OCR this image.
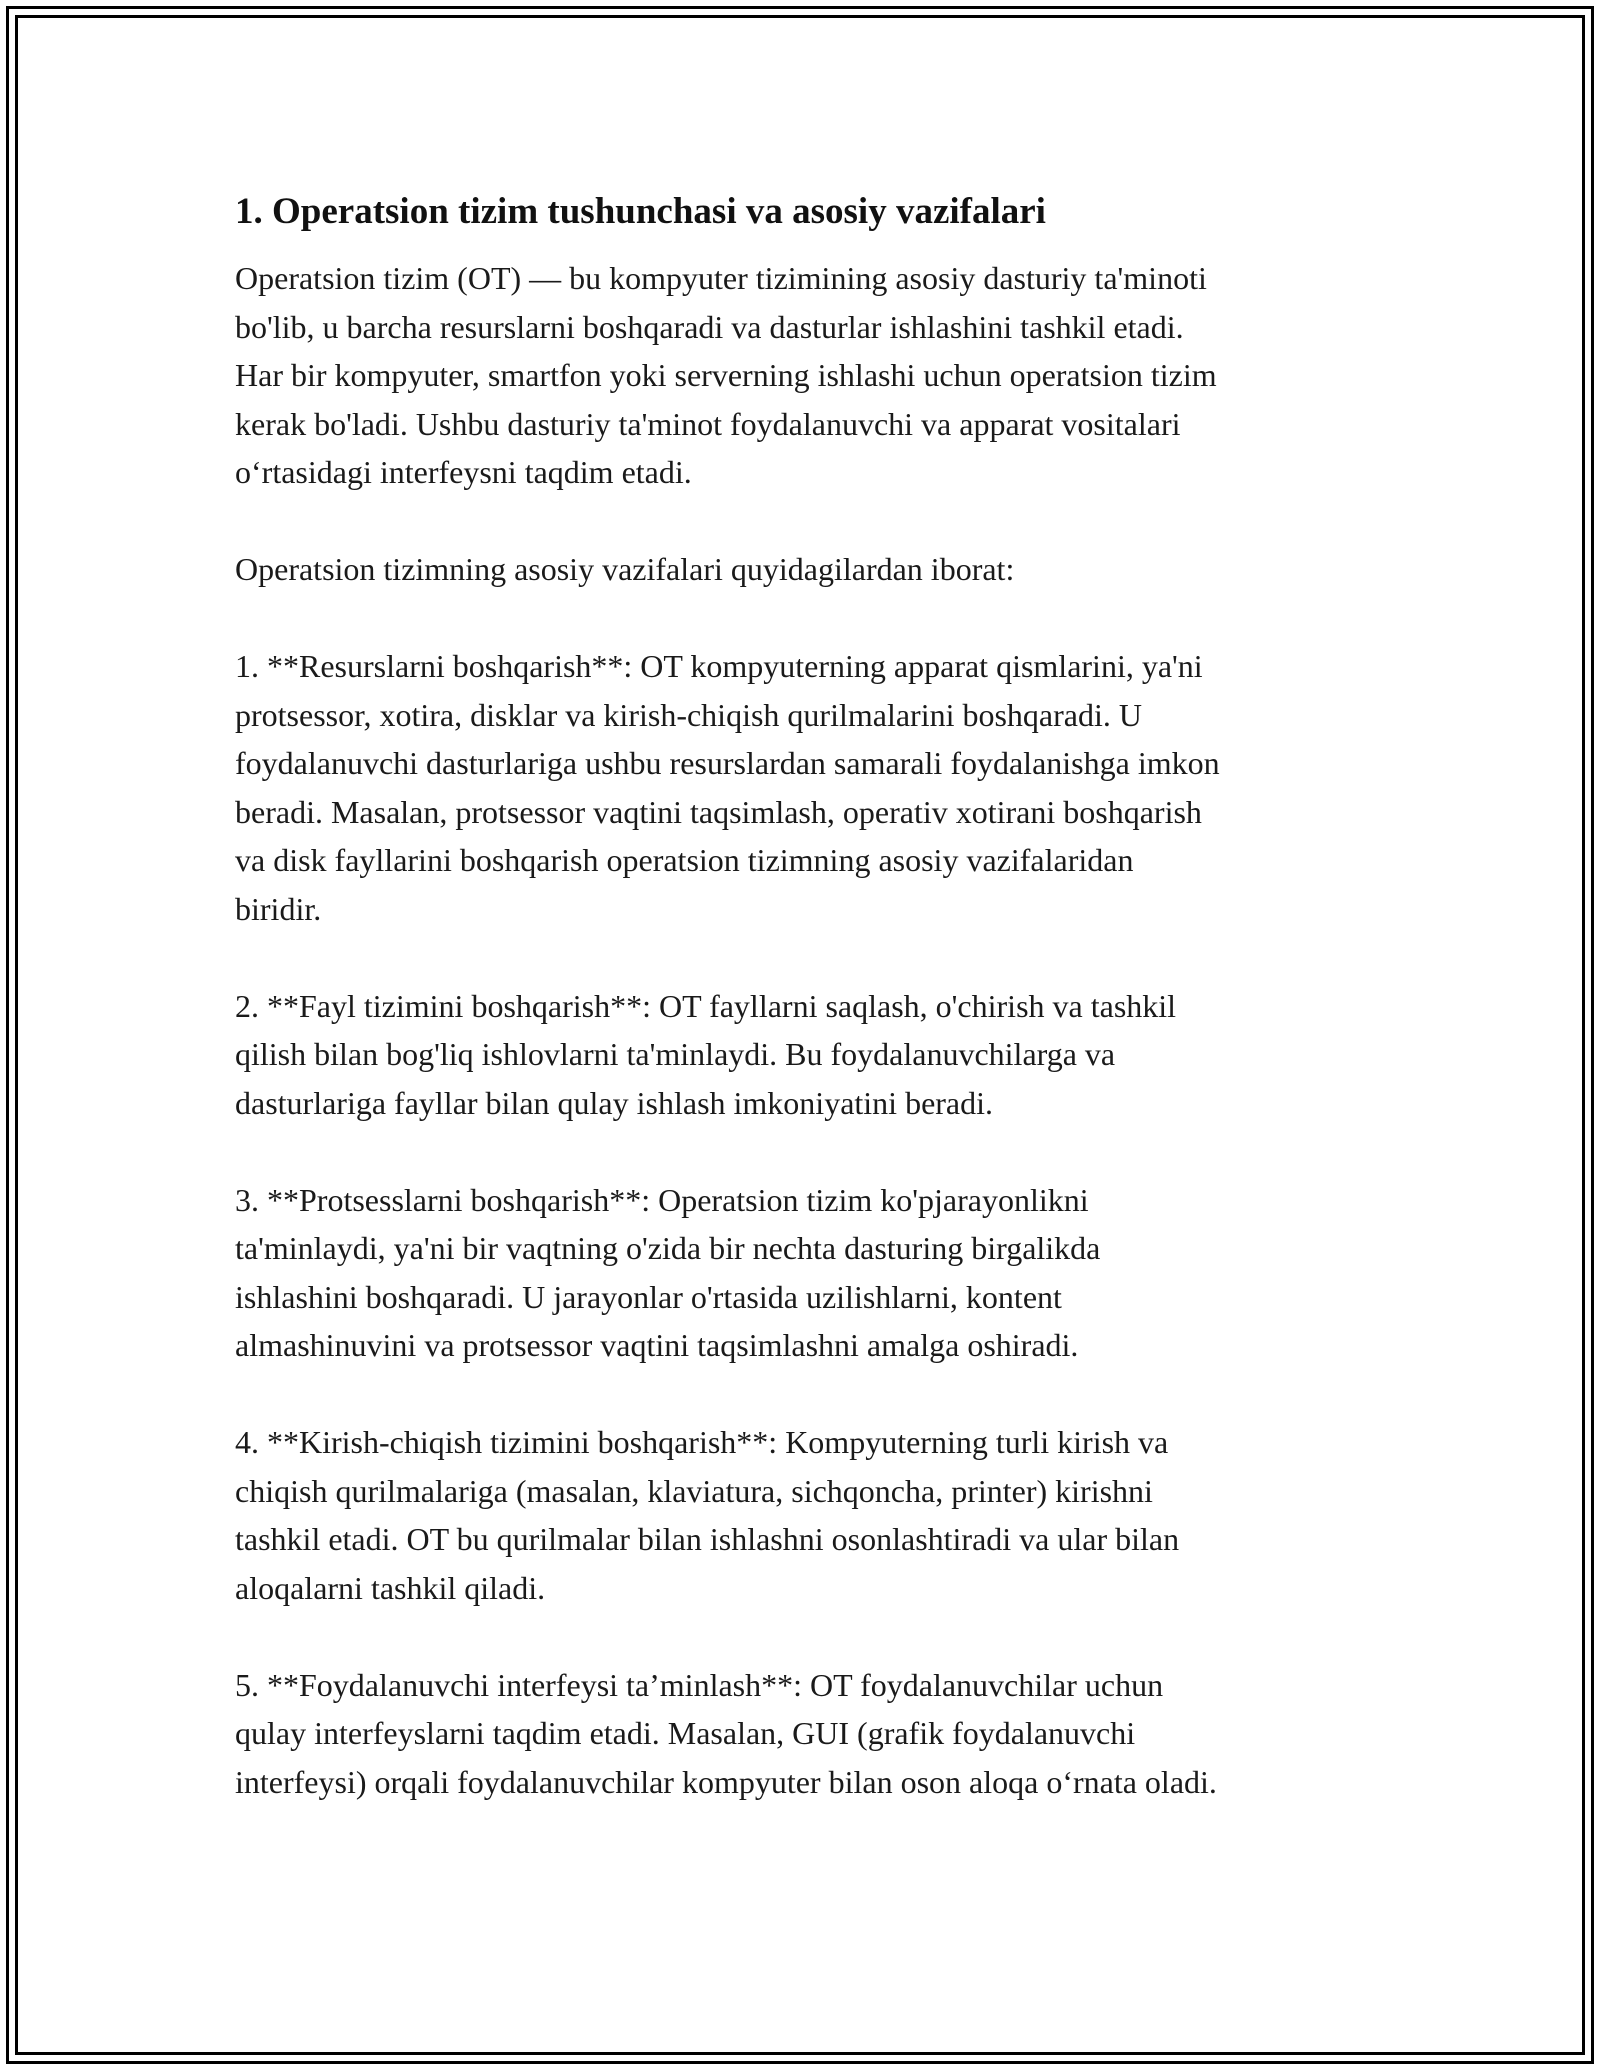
1. Operatsion tizim tushunchasi va asosiy vazifalari

Operatsion tizim (OT) — bu kompyuter tizimining asosiy dasturiy ta'minoti
bo'lib, u barcha resurslarni boshqaradi va dasturlar ishlashini tashkil etadi.
Har bir kompyuter, smartfon yoki serverning ishlashi uchun operatsion tizim
kerak bo'ladi. Ushbu dasturiy ta'minot foydalanuvchi va apparat vositalari
o‘rtasidagi interfeysni taqdim etadi.

Operatsion tizimning asosiy vazifalari quyidagilardan iborat:

1. **Resurslarni boshqarish**: OT kompyuterning apparat qismlarini, ya'ni
protsessor, xotira, disklar va kirish-chiqish qurilmalarini boshqaradi. U
foydalanuvchi dasturlariga ushbu resurslardan samarali foydalanishga imkon
beradi. Masalan, protsessor vaqtini taqsimlash, operativ xotirani boshqarish
va disk fayllarini boshqarish operatsion tizimning asosiy vazifalaridan
biridir.

2. **Fayl tizimini boshqarish**: OT fayllarni saqlash, o'chirish va tashkil
qilish bilan bog'liq ishlovlarni ta'minlaydi. Bu foydalanuvchilarga va
dasturlariga fayllar bilan qulay ishlash imkoniyatini beradi.

3. **Protsesslarni boshqarish**: Operatsion tizim ko'pjarayonlikni
ta'minlaydi, ya'ni bir vaqtning o'zida bir nechta dasturing birgalikda
ishlashini boshqaradi. U jarayonlar o'rtasida uzilishlarni, kontent
almashinuvini va protsessor vaqtini taqsimlashni amalga oshiradi.

4. **Kirish-chiqish tizimini boshqarish**: Kompyuterning turli kirish va
chiqish qurilmalariga (masalan, klaviatura, sichqoncha, printer) kirishni
tashkil etadi. OT bu qurilmalar bilan ishlashni osonlashtiradi va ular bilan
aloqalarni tashkil qiladi.

5. **Foydalanuvchi interfeysi ta’minlash**: OT foydalanuvchilar uchun
qulay interfeyslarni taqdim etadi. Masalan, GUI (grafik foydalanuvchi
interfeysi) orqali foydalanuvchilar kompyuter bilan oson aloqa o‘rnata oladi.
